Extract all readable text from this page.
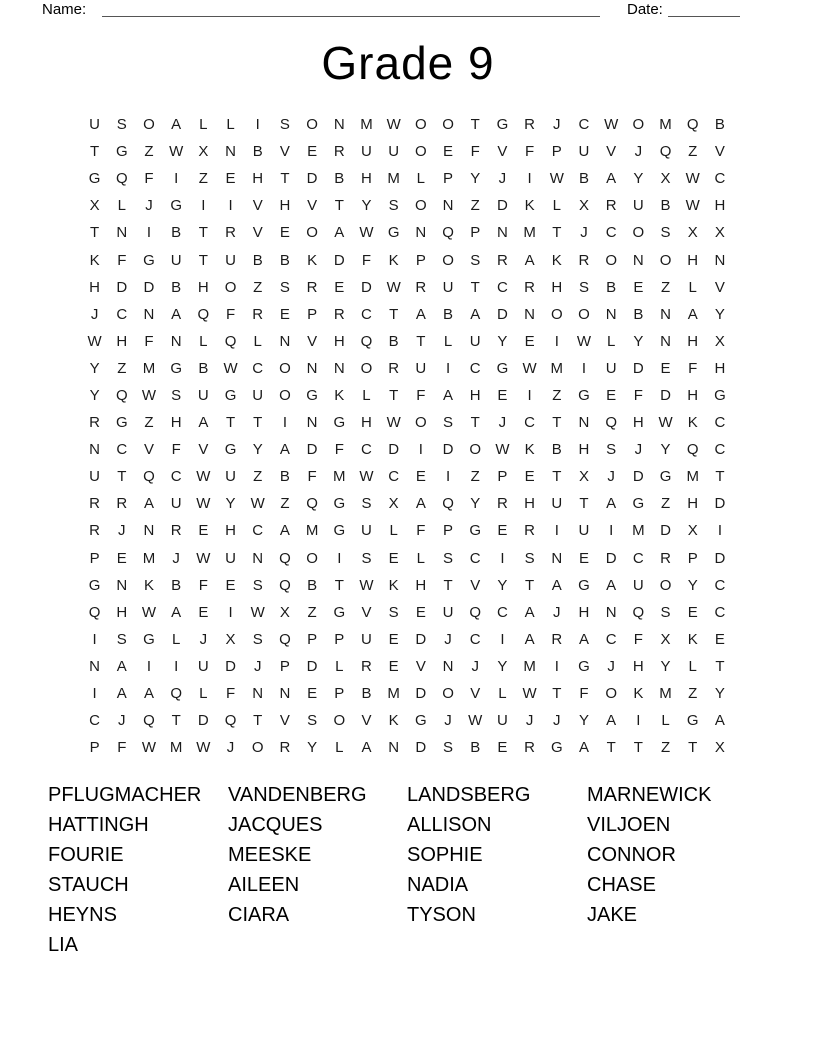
Name:	Date:
Grade 9
U	S	O	A	L	L	I	S	O	N	M W O	O	T	G	R	J	C W O	M	Q	B
T	G	Z	W	X	N	B	V	E	R	U	U	O	E	F	V	F	P	U	V	J	Q	Z	V
G	Q	F	I	Z	E	H	T	D	B	H	M	L	P	Y	J	I	W	B	A	Y	X	W C
X	L	J	G	I	I	V	H	V	T	Y	S	O	N	Z	D	K	L	X	R	U	B	W H
T	N	I	B	T	R	V	E	O	A	W G	N	Q	P	N	M	T	J	C	O	S	X	X
K	F	G	U	T	U	B	B	K	D	F	K	P	O	S	R	A	K	R	O	N	O	H	N
H	D	D	B	H	O	Z	S	R	E	D W R	U	T	C	R	H	S	B	E	Z	L	V
J	C	N	A	Q	F	R	E	P	R	C	T	A	B	A	D	N	O	O	N	B	N	A	Y
W H	F	N	L	Q	L	N	V	H	Q	B	T	L	U	Y	E	I	W	L	Y	N	H	X
Y	Z	M	G	B	W C	O	N	N	O	R	U	I	C	G W M	I	U	D	E	F	H
Y	Q W	S	U	G	U	O	G	K	L	T	F	A	H	E	I	Z	G	E	F	D	H	G
R	G	Z	H	A	T	T	I	N	G	H W O	S	T	J	C	T	N	Q	H W	K	C
N	C	V	F	V	G	Y	A	D	F	C	D	I	D	O W	K	B	H	S	J	Y	Q	C
U	T	Q	C W U	Z	B	F	M W C	E	I	Z	P	E	T	X	J	D	G	M	T
R	R	A	U W	Y	W	Z	Q	G	S	X	A	Q	Y	R	H	U	T	A	G	Z	H	D
R	J	N	R	E	H	C	A	M	G	U	L	F	P	G	E	R	I	U	I	M	D	X	I
P	E	M	J	W U	N	Q	O	I	S	E	L	S	C	I	S	N	E	D	C	R	P	D
G	N	K	B	F	E	S	Q	B	T	W	K	H	T	V	Y	T	A	G	A	U	O	Y	C
Q	H W	A	E	I	W	X	Z	G	V	S	E	U	Q	C	A	J	H	N	Q	S	E	C
I	S	G	L	J	X	S	Q	P	P	U	E	D	J	C	I	A	R	A	C	F	X	K	E
N	A	I	I	U	D	J	P	D	L	R	E	V	N	J	Y	M	I	G	J	H	Y	L	T
I	A	A	Q	L	F	N	N	E	P	B	M	D	O	V	L	W	T	F	O	K	M	Z	Y
C	J	Q	T	D	Q	T	V	S	O	V	K	G	J	W U	J	J	Y	A	I	L	G	A
P	F	W M W	J	O	R	Y	L	A	N	D	S	B	E	R	G	A	T	T	Z	T	X
PFLUGMACHER
HATTINGH
FOURIE
STAUCH
HEYNS
LIA
VANDENBERG
JACQUES
MEESKE
AILEEN
CIARA
LANDSBERG
ALLISON
SOPHIE
NADIA
TYSON
MARNEWICK
VILJOEN
CONNOR
CHASE
JAKE
